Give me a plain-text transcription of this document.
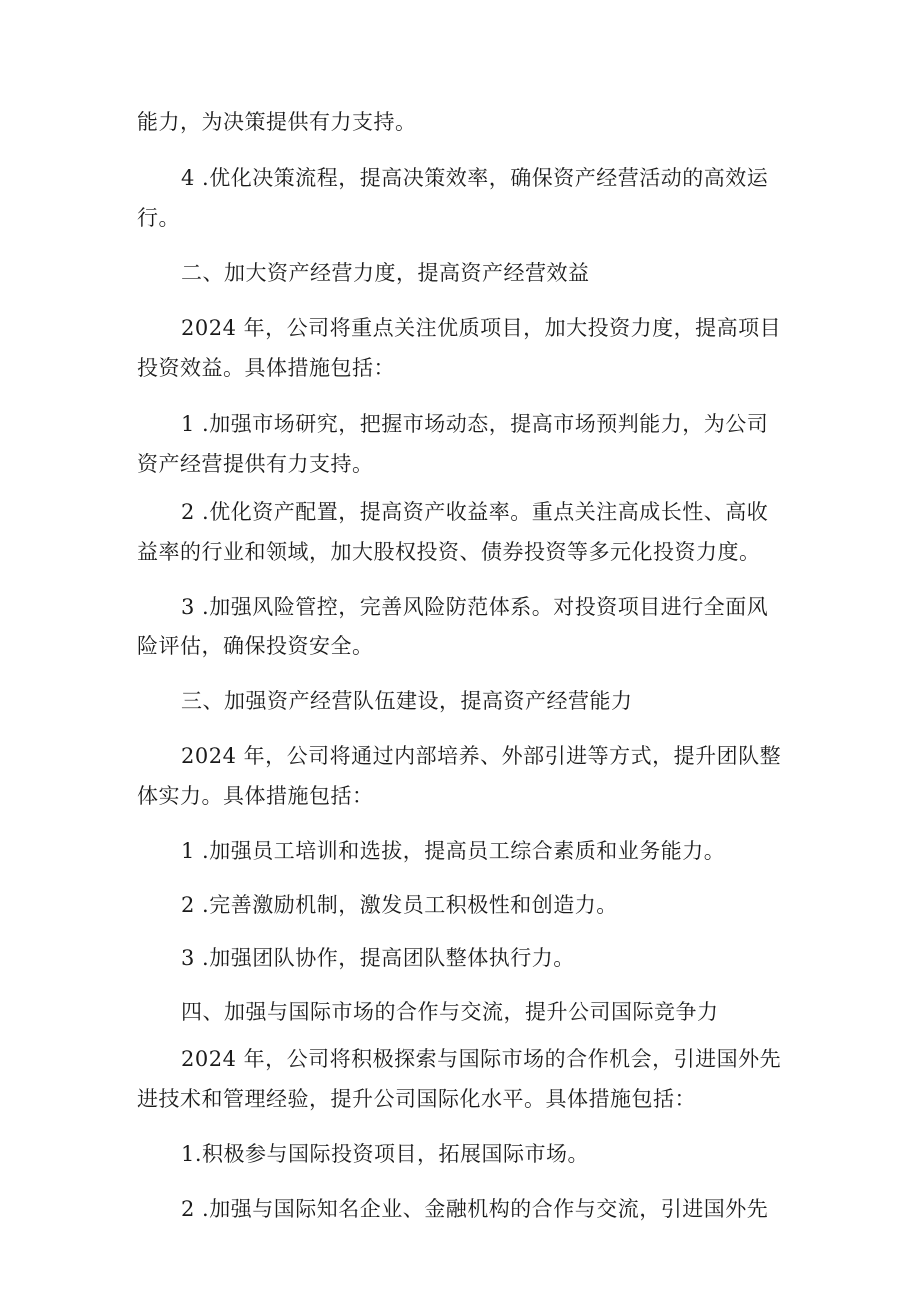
能力，为决策提供有力支持。

4 .优化决策流程，提高决策效率，确保资产经营活动的高效运

行。

二、加大资产经营力度，提高资产经营效益

2024 年，公司将重点关注优质项目，加大投资力度，提高项目

投资效益。具体措施包括：

1 .加强市场研究，把握市场动态，提高市场预判能力，为公司

资产经营提供有力支持。

2 .优化资产配置，提高资产收益率。重点关注高成长性、高收

益率的行业和领域，加大股权投资、债券投资等多元化投资力度。

3 .加强风险管控，完善风险防范体系。对投资项目进行全面风

险评估，确保投资安全。

三、加强资产经营队伍建设，提高资产经营能力

2024 年，公司将通过内部培养、外部引进等方式，提升团队整

体实力。具体措施包括：

1 .加强员工培训和选拔，提高员工综合素质和业务能力。

2 .完善激励机制，激发员工积极性和创造力。

3 .加强团队协作，提高团队整体执行力。

四、加强与国际市场的合作与交流，提升公司国际竞争力

2024 年，公司将积极探索与国际市场的合作机会，引进国外先

进技术和管理经验，提升公司国际化水平。具体措施包括：

1.积极参与国际投资项目，拓展国际市场。

2 .加强与国际知名企业、金融机构的合作与交流，引进国外先
